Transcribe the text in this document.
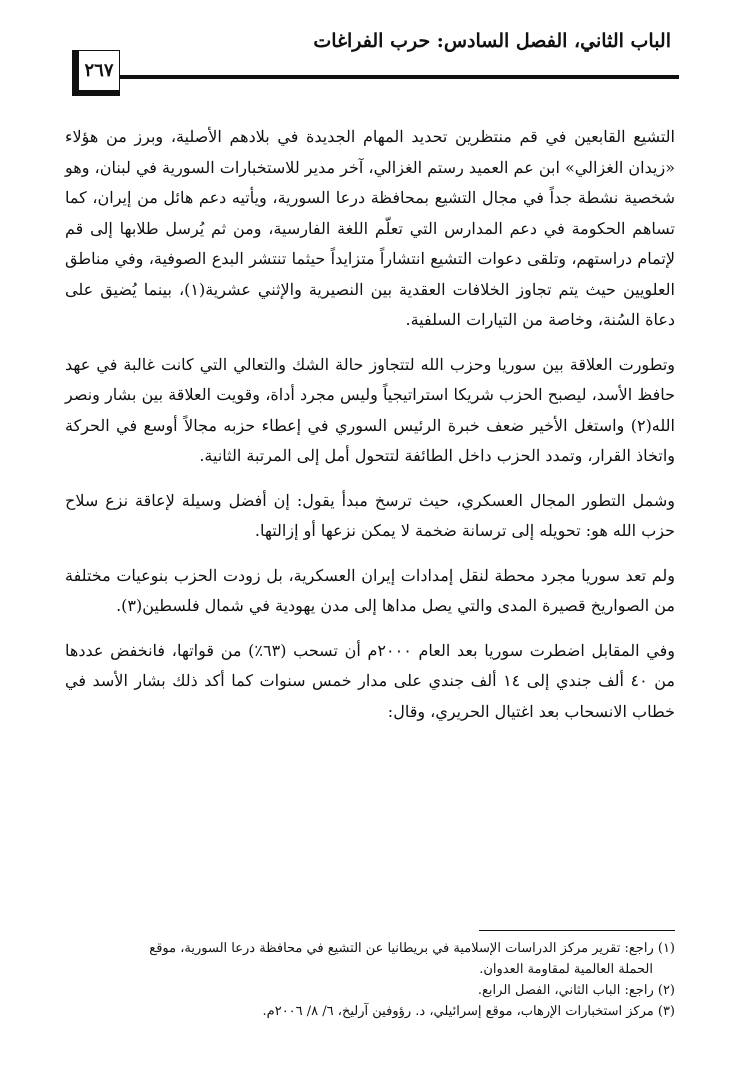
الباب الثاني، الفصل السادس: حرب الفراغات
٢٦٧

التشيع القابعين في قم منتظرين تحديد المهام الجديدة في بلادهم الأصلية، وبرز من هؤلاء «زيدان الغزالي» ابن عم العميد رستم الغزالي، آخر مدير للاستخبارات السورية في لبنان، وهو شخصية نشطة جداً في مجال التشيع بمحافظة درعا السورية، ويأتيه دعم هائل من إيران، كما تساهم الحكومة في دعم المدارس التي تعلّم اللغة الفارسية، ومن ثم يُرسل طلابها إلى قم لإتمام دراستهم، وتلقى دعوات التشيع انتشاراً متزايداً حيثما تنتشر البدع الصوفية، وفي مناطق العلويين حيث يتم تجاوز الخلافات العقدية بين النصيرية والإثني عشرية(١)، بينما يُضيق على دعاة السُنة، وخاصة من التيارات السلفية.

وتطورت العلاقة بين سوريا وحزب الله لتتجاوز حالة الشك والتعالي التي كانت غالبة في عهد حافظ الأسد، ليصبح الحزب شريكا استراتيجياً وليس مجرد أداة، وقويت العلاقة بين بشار ونصر الله(٢) واستغل الأخير ضعف خبرة الرئيس السوري في إعطاء حزبه مجالاً أوسع في الحركة واتخاذ القرار، وتمدد الحزب داخل الطائفة لتتحول أمل إلى المرتبة الثانية.

وشمل التطور المجال العسكري، حيث ترسخ مبدأ يقول: إن أفضل وسيلة لإعاقة نزع سلاح حزب الله هو: تحويله إلى ترسانة ضخمة لا يمكن نزعها أو إزالتها.

ولم تعد سوريا مجرد محطة لنقل إمدادات إيران العسكرية، بل زودت الحزب بنوعيات مختلفة من الصواريخ قصيرة المدى والتي يصل مداها إلى مدن يهودية في شمال فلسطين(٣).

وفي المقابل اضطرت سوريا بعد العام ٢٠٠٠م أن تسحب (٦٣٪) من قواتها، فانخفض عددها من ٤٠ ألف جندي إلى ١٤ ألف جندي على مدار خمس سنوات كما أكد ذلك بشار الأسد في خطاب الانسحاب بعد اغتيال الحريري، وقال:

(١) راجع: تقرير مركز الدراسات الإسلامية في بريطانيا عن التشيع في محافظة درعا السورية، موقع

الحملة العالمية لمقاومة العدوان.

(٢) راجع: الباب الثاني، الفصل الرابع.

(٣) مركز استخبارات الإرهاب، موقع إسرائيلي، د. رؤوفين آرليخ، ٦/ ٨/ ٢٠٠٦م.
